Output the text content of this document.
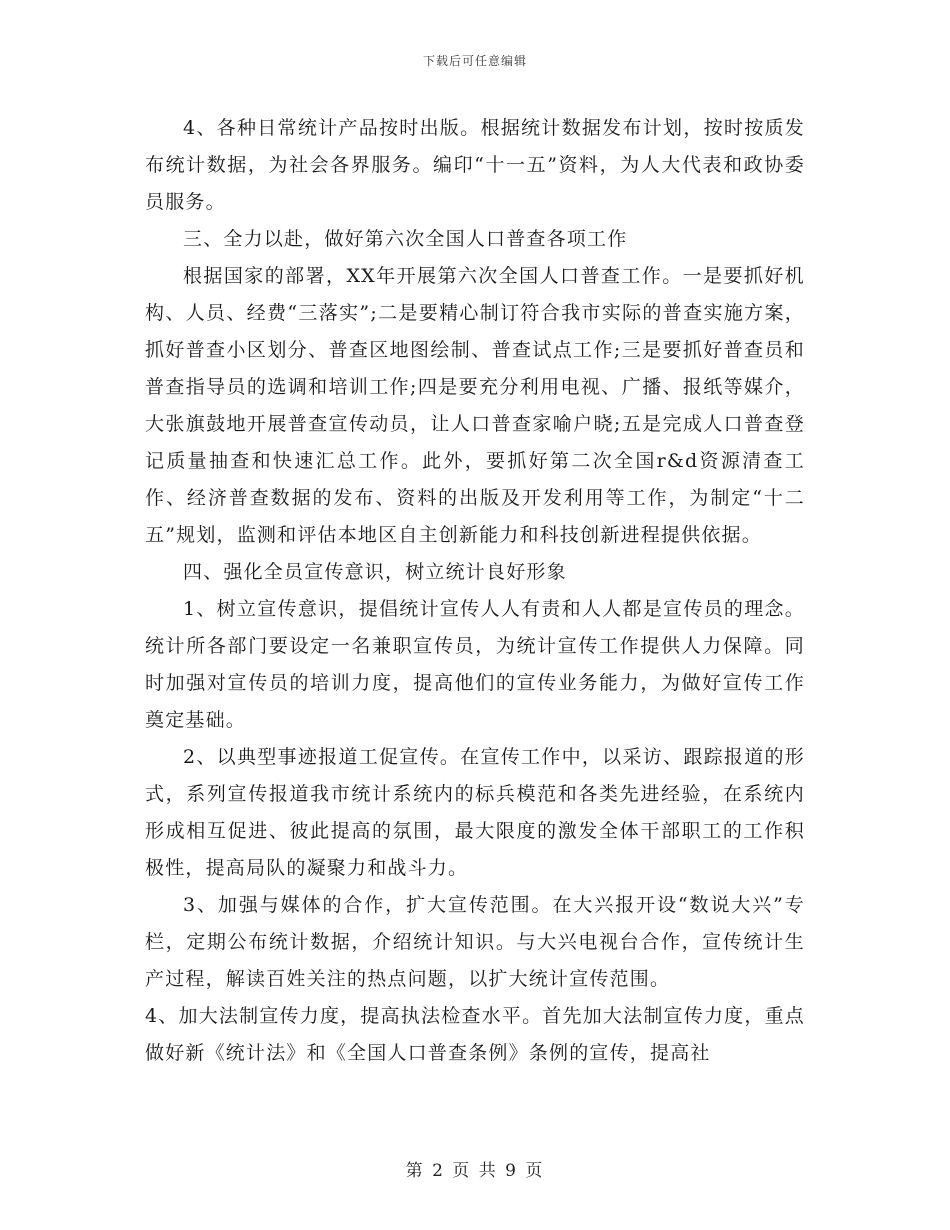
下载后可任意编辑

4、各种日常统计产品按时出版。根据统计数据发布计划，按时按质发布统计数据，为社会各界服务。编印“十一五”资料，为人大代表和政协委员服务。

三、全力以赴，做好第六次全国人口普查各项工作

根据国家的部署，XX年开展第六次全国人口普查工作。一是要抓好机构、人员、经费“三落实”;二是要精心制订符合我市实际的普查实施方案，抓好普查小区划分、普查区地图绘制、普查试点工作;三是要抓好普查员和普查指导员的选调和培训工作;四是要充分利用电视、广播、报纸等媒介，大张旗鼓地开展普查宣传动员，让人口普查家喻户晓;五是完成人口普查登记质量抽查和快速汇总工作。此外，要抓好第二次全国r&d资源清查工作、经济普查数据的发布、资料的出版及开发利用等工作，为制定“十二五”规划，监测和评估本地区自主创新能力和科技创新进程提供依据。

四、强化全员宣传意识，树立统计良好形象

1、树立宣传意识，提倡统计宣传人人有责和人人都是宣传员的理念。统计所各部门要设定一名兼职宣传员，为统计宣传工作提供人力保障。同时加强对宣传员的培训力度，提高他们的宣传业务能力，为做好宣传工作奠定基础。

2、以典型事迹报道工促宣传。在宣传工作中，以采访、跟踪报道的形式，系列宣传报道我市统计系统内的标兵模范和各类先进经验，在系统内形成相互促进、彼此提高的氛围，最大限度的激发全体干部职工的工作积极性，提高局队的凝聚力和战斗力。

3、加强与媒体的合作，扩大宣传范围。在大兴报开设“数说大兴”专栏，定期公布统计数据，介绍统计知识。与大兴电视台合作，宣传统计生产过程，解读百姓关注的热点问题，以扩大统计宣传范围。

4、加大法制宣传力度，提高执法检查水平。首先加大法制宣传力度，重点做好新《统计法》和《全国人口普查条例》条例的宣传，提高社

第 2 页 共 9 页
